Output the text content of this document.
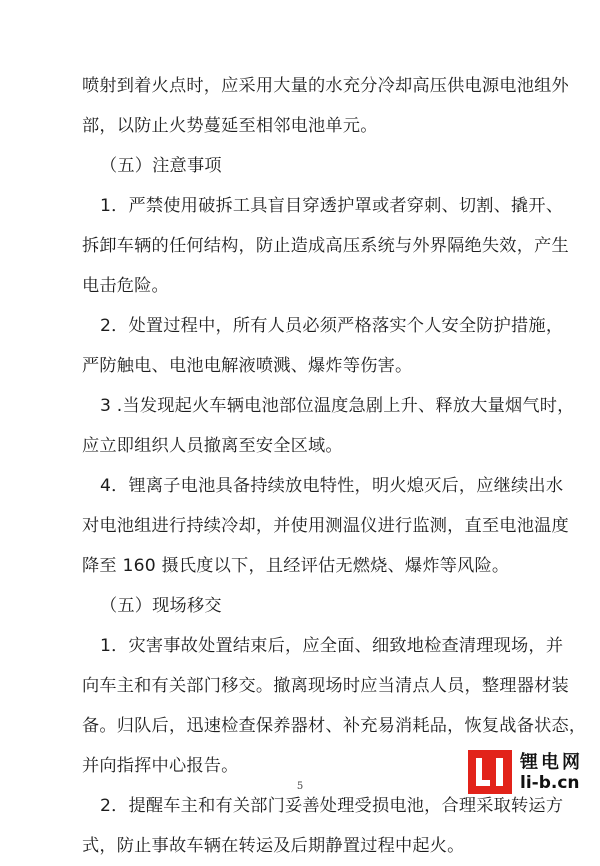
喷射到着火点时，应采用大量的水充分冷却高压供电源电池组外
部，以防止火势蔓延至相邻电池单元。
（五）注意事项
1．严禁使用破拆工具盲目穿透护罩或者穿刺、切割、撬开、
拆卸车辆的任何结构，防止造成高压系统与外界隔绝失效，产生
电击危险。
2．处置过程中，所有人员必须严格落实个人安全防护措施，
严防触电、电池电解液喷溅、爆炸等伤害。
3 .当发现起火车辆电池部位温度急剧上升、释放大量烟气时，
应立即组织人员撤离至安全区域。
4．锂离子电池具备持续放电特性，明火熄灭后，应继续出水
对电池组进行持续冷却，并使用测温仪进行监测，直至电池温度
降至 160 摄氏度以下，且经评估无燃烧、爆炸等风险。
（五）现场移交
1．灾害事故处置结束后，应全面、细致地检查清理现场，并
向车主和有关部门移交。撤离现场时应当清点人员，整理器材装
备。归队后，迅速检查保养器材、补充易消耗品，恢复战备状态，
并向指挥中心报告。
2．提醒车主和有关部门妥善处理受损电池，合理采取转运方
式，防止事故车辆在转运及后期静置过程中起火。
5
锂电网
li-b.cn
